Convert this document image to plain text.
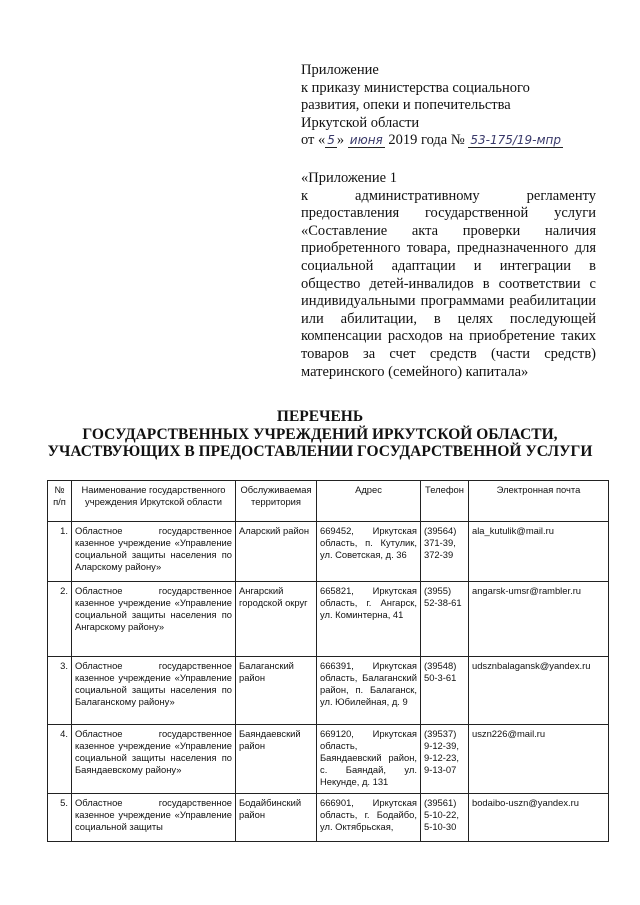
Приложение
к приказу министерства социального
развития, опеки и попечительства
Иркутской области
от « 5 » июня 2019 года № 53-175/19-мпр
«Приложение 1
к административному регламенту предоставления государственной услуги «Составление акта проверки наличия приобретенного товара, предназначенного для социальной адаптации и интеграции в общество детей-инвалидов в соответствии с индивидуальными программами реабилитации или абилитации, в целях последующей компенсации расходов на приобретение таких товаров за счет средств (части средств) материнского (семейного) капитала»
ПЕРЕЧЕНЬ
ГОСУДАРСТВЕННЫХ УЧРЕЖДЕНИЙ ИРКУТСКОЙ ОБЛАСТИ,
УЧАСТВУЮЩИХ В ПРЕДОСТАВЛЕНИИ ГОСУДАРСТВЕННОЙ УСЛУГИ
№ п/п	Наименование государственного учреждения Иркутской области	Обслуживаемая территория	Адрес	Телефон	Электронная почта
1.	Областное государственное казенное учреждение «Управление социальной защиты населения по Аларскому району»	Аларский район	669452, Иркутская область, п. Кутулик, ул. Советская, д. 36	(39564) 371-39, 372-39	ala_kutulik@mail.ru
2.	Областное государственное казенное учреждение «Управление социальной защиты населения по Ангарскому району»	Ангарский городской округ	665821, Иркутская область, г. Ангарск, ул. Коминтерна, 41	(3955) 52-38-61	angarsk-umsr@rambler.ru
3.	Областное государственное казенное учреждение «Управление социальной защиты населения по Балаганскому району»	Балаганский район	666391, Иркутская область, Балаганский район, п. Балаганск, ул. Юбилейная, д. 9	(39548) 50-3-61	udsznbalagansk@yandex.ru
4.	Областное государственное казенное учреждение «Управление социальной защиты населения по Баяндаевскому району»	Баяндаевский район	669120, Иркутская область, Баяндаевский район, с. Баяндай, ул. Некунде, д. 131	(39537) 9-12-39, 9-12-23, 9-13-07	uszn226@mail.ru
5.	Областное государственное казенное учреждение «Управление социальной защиты	Бодайбинский район	666901, Иркутская область, г. Бодайбо, ул. Октябрьская,	(39561) 5-10-22, 5-10-30	bodaibo-uszn@yandex.ru
